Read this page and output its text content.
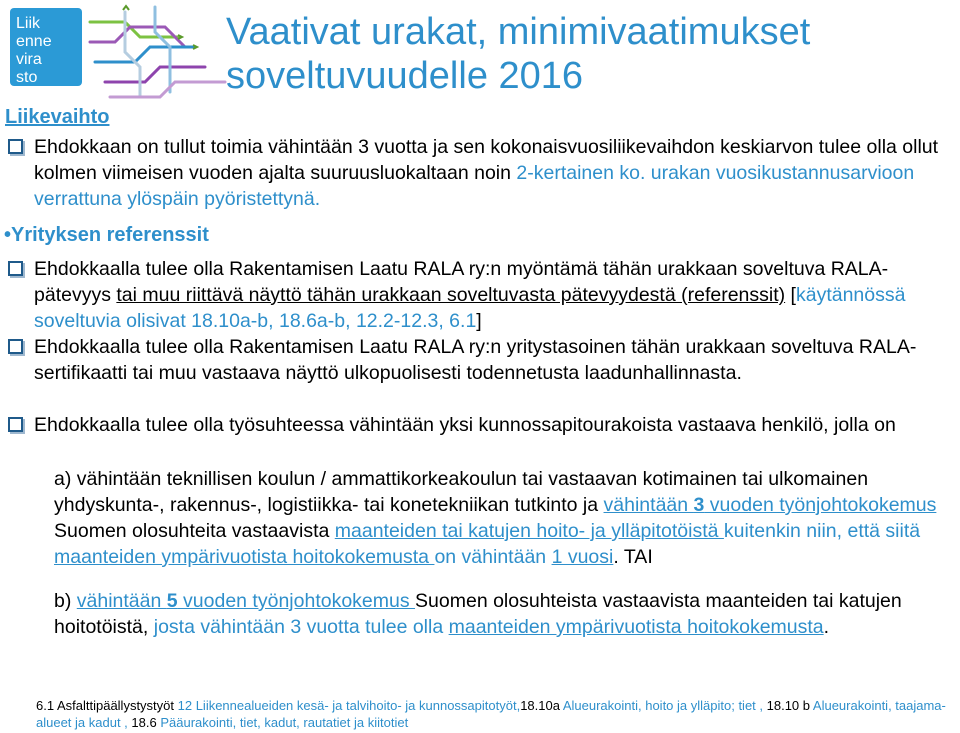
Liik
enne
vira
sto
Vaativat urakat, minimivaatimukset
soveltuvuudelle 2016
Liikevaihto
Ehdokkaan on tullut toimia vähintään 3 vuotta ja sen kokonaisvuosiliikevaihdon keskiarvon tulee olla ollut kolmen viimeisen vuoden ajalta suuruusluokaltaan noin 2-kertainen ko. urakan vuosikustannusarvioon verrattuna ylöspäin pyöristettynä.
•Yrityksen referenssit
Ehdokkaalla tulee olla Rakentamisen Laatu RALA ry:n myöntämä tähän urakkaan soveltuva RALA-pätevyys tai muu riittävä näyttö tähän urakkaan soveltuvasta pätevyydestä (referenssit) [käytännössä soveltuvia olisivat 18.10a-b, 18.6a-b, 12.2-12.3, 6.1]
Ehdokkaalla tulee olla Rakentamisen Laatu RALA ry:n yritystasoinen tähän urakkaan soveltuva RALA-sertifikaatti tai muu vastaava näyttö ulkopuolisesti todennetusta laadunhallinnasta.
Ehdokkaalla tulee olla työsuhteessa vähintään yksi kunnossapitourakoista vastaava henkilö, jolla on
a) vähintään teknillisen koulun / ammattikorkeakoulun tai vastaavan kotimainen tai ulkomainen yhdyskunta-, rakennus-, logistiikka- tai konetekniikan tutkinto ja vähintään 3 vuoden työnjohtokokemus Suomen olosuhteita vastaavista maanteiden tai katujen hoito- ja ylläpitotöistä kuitenkin niin, että siitä maanteiden ympärivuotista hoitokokemusta on vähintään 1 vuosi. TAI
b) vähintään 5 vuoden työnjohtokokemus Suomen olosuhteista vastaavista maanteiden tai katujen hoitotöistä, josta vähintään 3 vuotta tulee olla maanteiden ympärivuotista hoitokokemusta.
6.1 Asfalttipäällystystyöt 12 Liikennealueiden kesä- ja talvihoito- ja kunnossapitotyöt,18.10a Alueurakointi, hoito ja ylläpito; tiet , 18.10 b Alueurakointi, taajama-alueet ja kadut , 18.6 Pääurakointi, tiet, kadut, rautatiet ja kiitotiet
